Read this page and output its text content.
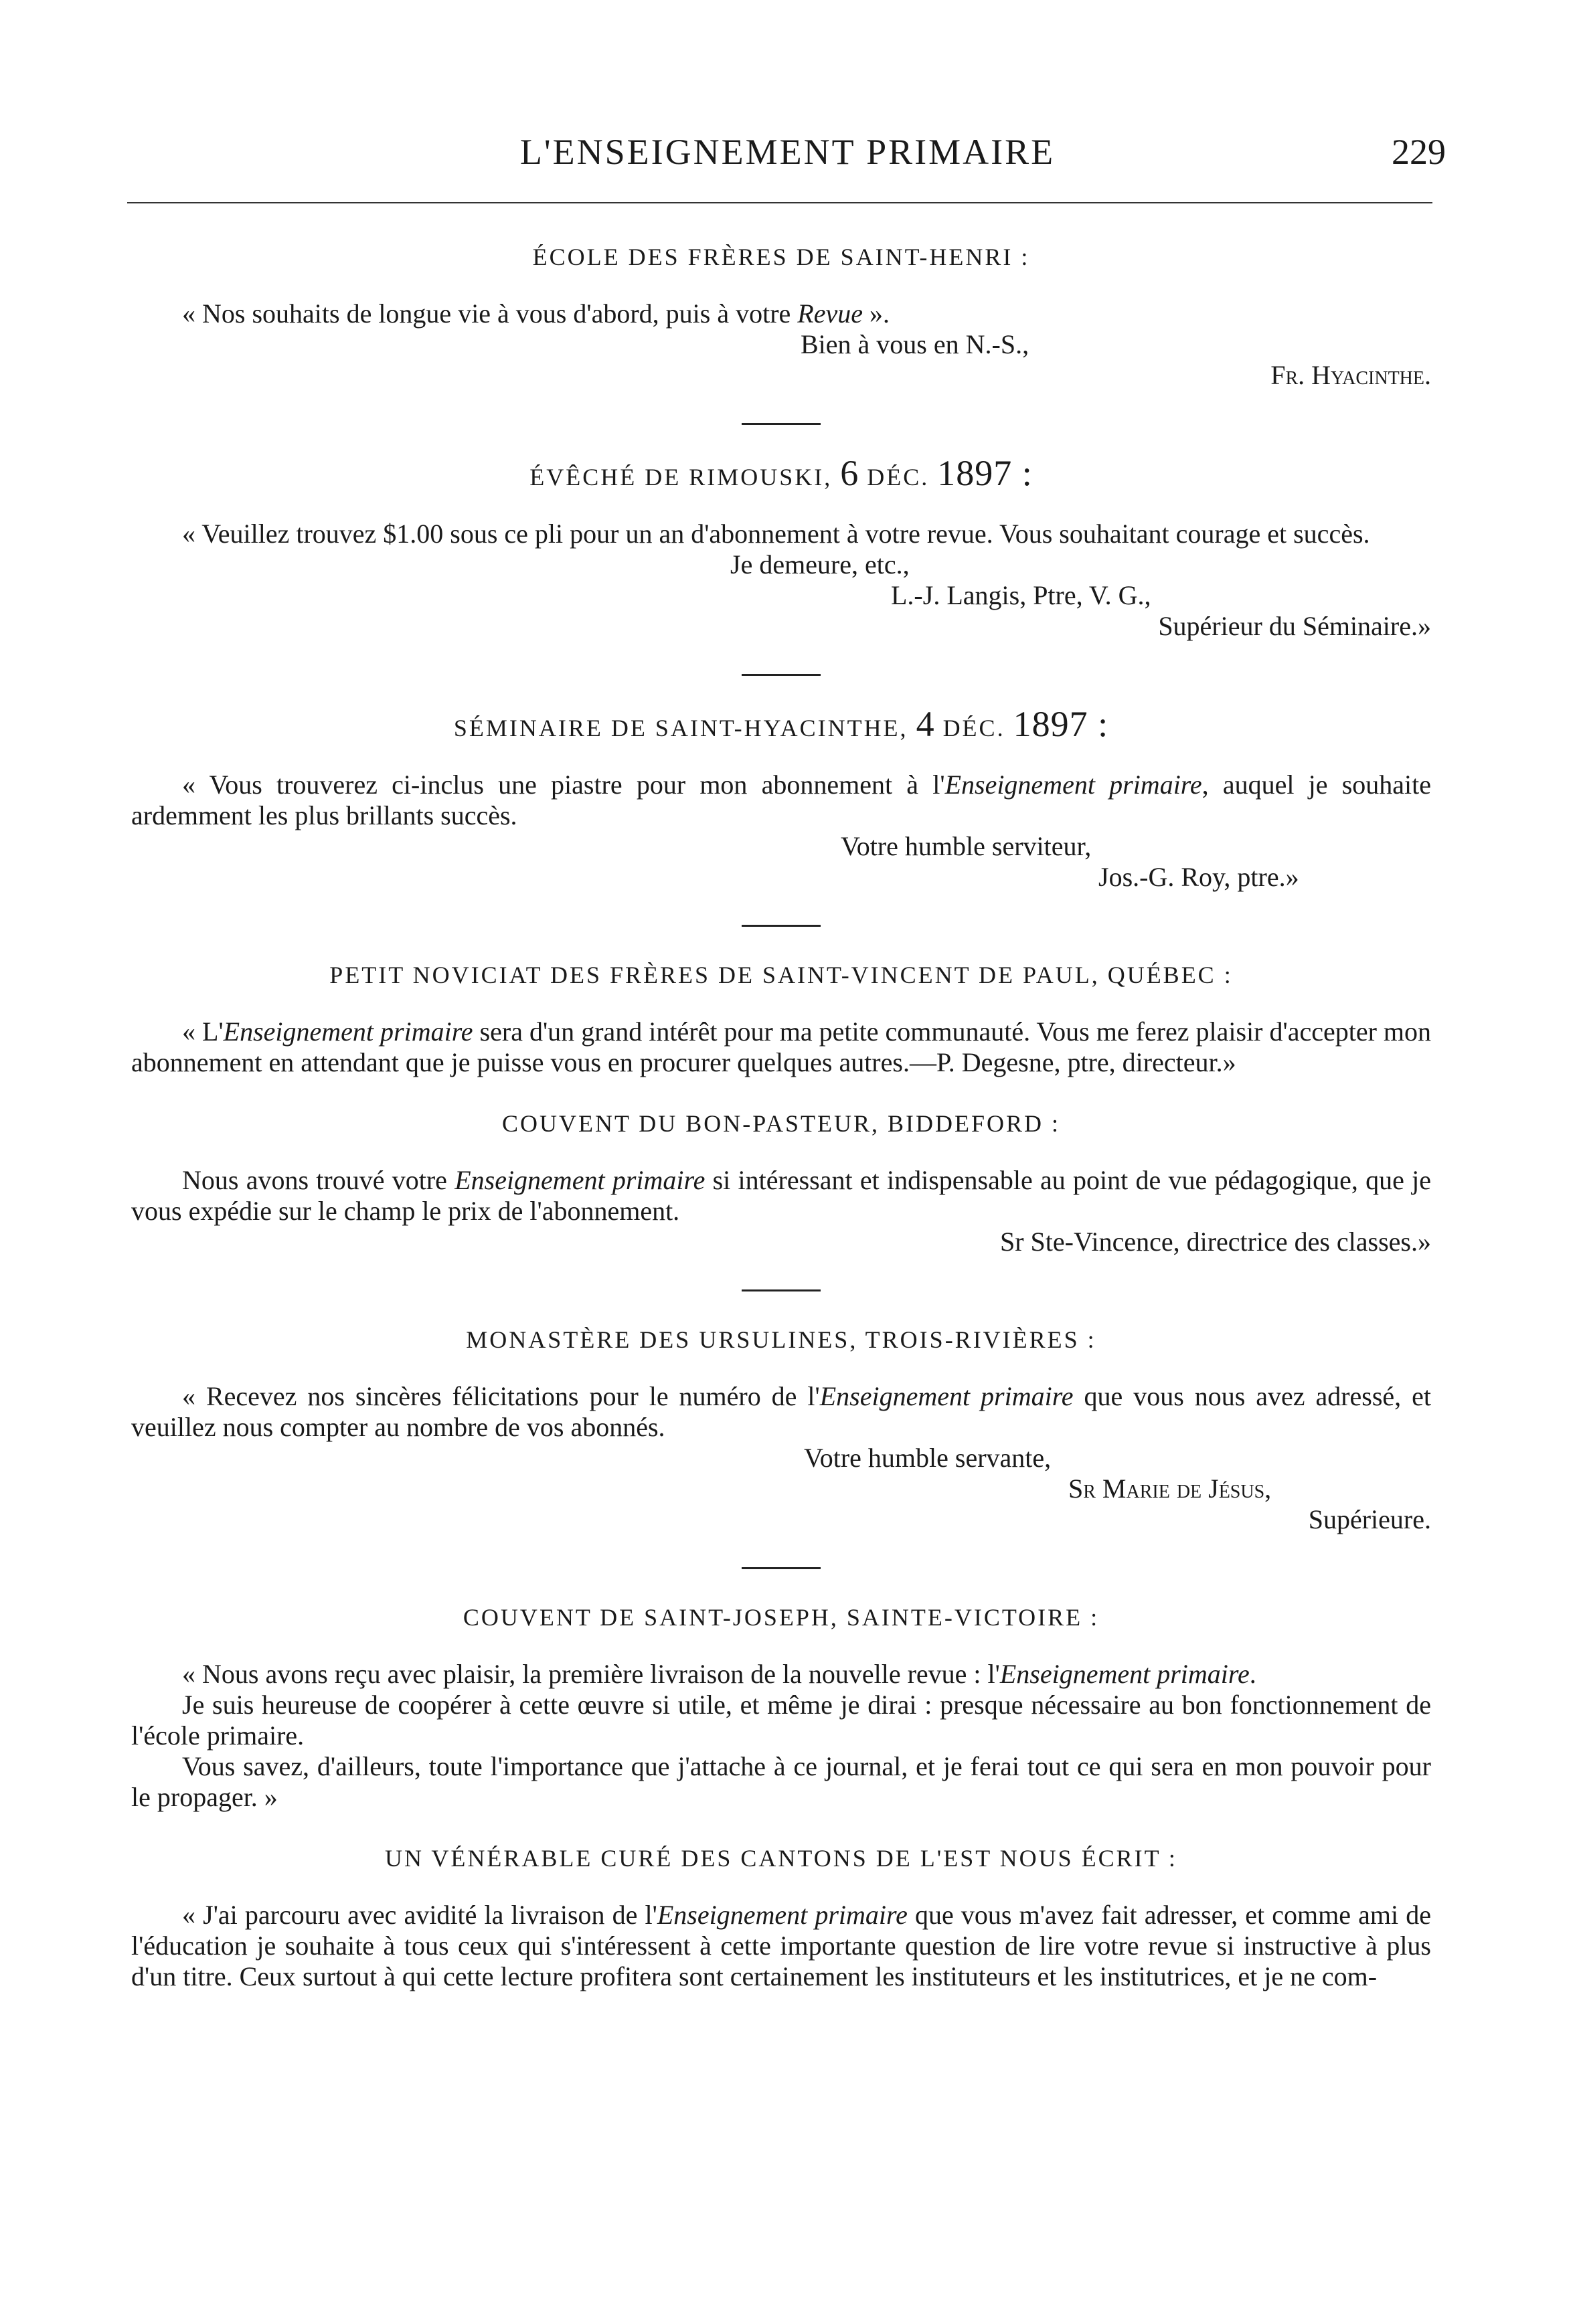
L'ENSEIGNEMENT PRIMAIRE	229
ÉCOLE DES FRÈRES DE SAINT-HENRI :

« Nos souhaits de longue vie à vous d'abord, puis à votre Revue ».

Bien à vous en N.-S.,

Fr. Hyacinthe.

ÉVÊCHÉ DE RIMOUSKI, 6 DÉC. 1897 :

« Veuillez trouvez $1.00 sous ce pli pour un an d'abonnement à votre revue. Vous souhaitant courage et succès.

Je demeure, etc.,

L.-J. Langis, Ptre, V. G.,

Supérieur du Séminaire.»

SÉMINAIRE DE SAINT-HYACINTHE, 4 DÉC. 1897 :

« Vous trouverez ci-inclus une piastre pour mon abonnement à l'Enseignement primaire, auquel je souhaite ardemment les plus brillants succès.

Votre humble serviteur,

Jos.-G. Roy, ptre.»

PETIT NOVICIAT DES FRÈRES DE SAINT-VINCENT DE PAUL, QUÉBEC :

« L'Enseignement primaire sera d'un grand intérêt pour ma petite communauté. Vous me ferez plaisir d'accepter mon abonnement en attendant que je puisse vous en procurer quelques autres.—P. Degesne, ptre, directeur.»

COUVENT DU BON-PASTEUR, BIDDEFORD :

Nous avons trouvé votre Enseignement primaire si intéressant et indispensable au point de vue pédagogique, que je vous expédie sur le champ le prix de l'abonnement.

Sr Ste-Vincence, directrice des classes.»

MONASTÈRE DES URSULINES, TROIS-RIVIÈRES :

« Recevez nos sincères félicitations pour le numéro de l'Enseignement primaire que vous nous avez adressé, et veuillez nous compter au nombre de vos abonnés.

Votre humble servante,

Sr Marie de Jésus,

Supérieure.

COUVENT DE SAINT-JOSEPH, SAINTE-VICTOIRE :

« Nous avons reçu avec plaisir, la première livraison de la nouvelle revue : l'Enseignement primaire.

Je suis heureuse de coopérer à cette œuvre si utile, et même je dirai : presque nécessaire au bon fonctionnement de l'école primaire.

Vous savez, d'ailleurs, toute l'importance que j'attache à ce journal, et je ferai tout ce qui sera en mon pouvoir pour le propager. »

UN VÉNÉRABLE CURÉ DES CANTONS DE L'EST NOUS ÉCRIT :

« J'ai parcouru avec avidité la livraison de l'Enseignement primaire que vous m'avez fait adresser, et comme ami de l'éducation je souhaite à tous ceux qui s'intéressent à cette importante question de lire votre revue si instructive à plus d'un titre. Ceux surtout à qui cette lecture profitera sont certainement les instituteurs et les institutrices, et je ne com-
